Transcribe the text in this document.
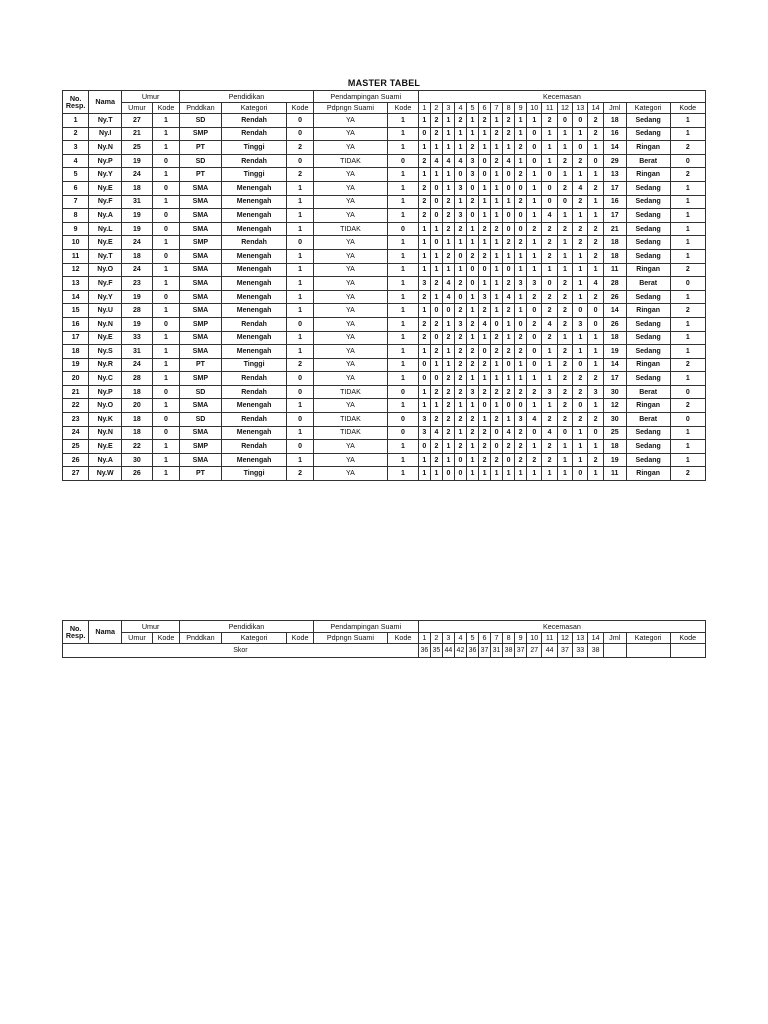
MASTER TABEL
No. Resp.	Nama	Umur		Pendidikan			Pendampingan Suami		Kecemasan																
		Umur	Kode	Pnddkan	Kategori	Kode	Pdpngn Suami	Kode	1	2	3	4	5	6	7	8	9	10	11	12	13	14	Jml	Kategori	Kode
1	Ny.T	27	1	SD	Rendah	0	YA	1	1	2	1	2	1	2	1	2	1	1	2	0	0	2	18	Sedang	1
2	Ny.I	21	1	SMP	Rendah	0	YA	1	0	2	1	1	1	1	2	2	1	0	1	1	1	2	16	Sedang	1
3	Ny.N	25	1	PT	Tinggi	2	YA	1	1	1	1	1	2	1	1	1	2	0	1	1	0	1	14	Ringan	2
4	Ny.P	19	0	SD	Rendah	0	TIDAK	0	2	4	4	4	3	0	2	4	1	0	1	2	2	0	29	Berat	0
5	Ny.Y	24	1	PT	Tinggi	2	YA	1	1	1	1	0	3	0	1	0	2	1	0	1	1	1	13	Ringan	2
6	Ny.E	18	0	SMA	Menengah	1	YA	1	2	0	1	3	0	1	1	0	0	1	0	2	4	2	17	Sedang	1
7	Ny.F	31	1	SMA	Menengah	1	YA	1	2	0	2	1	2	1	1	1	2	1	0	0	2	1	16	Sedang	1
8	Ny.A	19	0	SMA	Menengah	1	YA	1	2	0	2	3	0	1	1	0	0	1	4	1	1	1	17	Sedang	1
9	Ny.L	19	0	SMA	Menengah	1	TIDAK	0	1	1	2	2	1	2	2	0	0	2	2	2	2	2	21	Sedang	1
10	Ny.E	24	1	SMP	Rendah	0	YA	1	1	0	1	1	1	1	1	2	2	1	2	1	2	2	18	Sedang	1
11	Ny.T	18	0	SMA	Menengah	1	YA	1	1	1	2	0	2	2	1	1	1	1	2	1	1	2	18	Sedang	1
12	Ny.O	24	1	SMA	Menengah	1	YA	1	1	1	1	1	0	0	1	0	1	1	1	1	1	1	11	Ringan	2
13	Ny.F	23	1	SMA	Menengah	1	YA	1	3	2	4	2	0	1	1	2	3	3	0	2	1	4	28	Berat	0
14	Ny.Y	19	0	SMA	Menengah	1	YA	1	2	1	4	0	1	3	1	4	1	2	2	2	1	2	26	Sedang	1
15	Ny.U	28	1	SMA	Menengah	1	YA	1	1	0	0	2	1	2	1	2	1	0	2	2	0	0	14	Ringan	2
16	Ny.N	19	0	SMP	Rendah	0	YA	1	2	2	1	3	2	4	0	1	0	2	4	2	3	0	26	Sedang	1
17	Ny.E	33	1	SMA	Menengah	1	YA	1	2	0	2	2	1	1	2	1	2	0	2	1	1	1	18	Sedang	1
18	Ny.S	31	1	SMA	Menengah	1	YA	1	1	2	1	2	2	0	2	2	2	0	1	2	1	1	19	Sedang	1
19	Ny.R	24	1	PT	Tinggi	2	YA	1	0	1	1	2	2	2	1	0	1	0	1	2	0	1	14	Ringan	2
20	Ny.C	28	1	SMP	Rendah	0	YA	1	0	0	2	2	1	1	1	1	1	1	1	2	2	2	17	Sedang	1
21	Ny.P	18	0	SD	Rendah	0	TIDAK	0	1	2	2	2	3	2	2	2	2	2	3	2	2	3	30	Berat	0
22	Ny.O	20	1	SMA	Menengah	1	YA	1	1	1	2	1	1	0	1	0	0	1	1	2	0	1	12	Ringan	2
23	Ny.K	18	0	SD	Rendah	0	TIDAK	0	3	2	2	2	2	1	2	1	3	4	2	2	2	2	30	Berat	0
24	Ny.N	18	0	SMA	Menengah	1	TIDAK	0	3	4	2	1	2	2	0	4	2	0	4	0	1	0	25	Sedang	1
25	Ny.E	22	1	SMP	Rendah	0	YA	1	0	2	1	2	1	2	0	2	2	1	2	1	1	1	18	Sedang	1
26	Ny.A	30	1	SMA	Menengah	1	YA	1	1	2	1	0	1	2	2	0	2	2	2	1	1	2	19	Sedang	1
27	Ny.W	26	1	PT	Tinggi	2	YA	1	1	1	0	0	1	1	1	1	1	1	1	1	0	1	11	Ringan	2
No. Resp.	Nama	Umur		Pendidikan			Pendampingan Suami		Kecemasan																
		Umur	Kode	Pnddkan	Kategori	Kode	Pdpngn Suami	Kode	1	2	3	4	5	6	7	8	9	10	11	12	13	14	Jml	Kategori	Kode
Skor									36	35	44	42	36	37	31	38	37	27	44	37	33	38			
